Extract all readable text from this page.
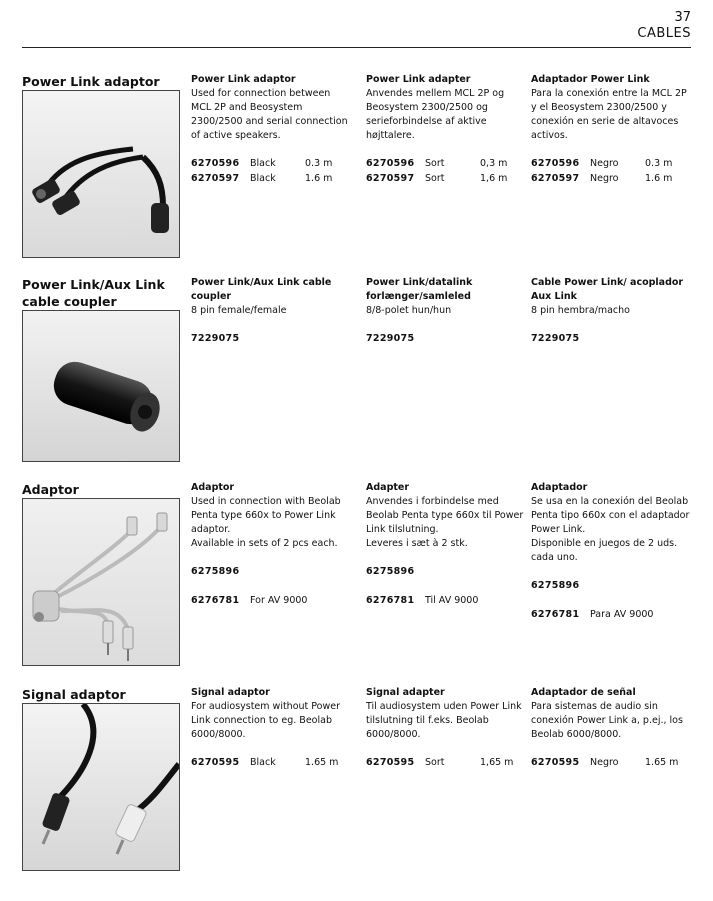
37
CABLES
Power Link adaptor	Power Link adaptor

Used for connection between MCL 2P and Beosystem 2300/2500 and serial connection of active speakers.

6270596 Black	0.3 m
6270597 Black	1.6 m
Power Link adapter

Anvendes mellem MCL 2P og Beosystem 2300/2500 og serieforbindelse af aktive højttalere.

6270596 Sort	0,3 m
6270597 Sort	1,6 m
Adaptador Power Link

Para la conexión entre la MCL 2P y el Beosystem 2300/2500 y conexión en serie de altavoces activos.

6270596 Negro	0.3 m
6270597 Negro	1.6 m
Power Link/Aux Link cable coupler
Power Link/Aux Link cable coupler

8 pin female/female

7229075
Power Link/datalink forlænger/samleled

8/8-polet hun/hun

7229075
Cable Power Link/ acoplador Aux Link

8 pin hembra/macho

7229075
Adaptor	Adaptor

Used in connection with Beolab Penta type 660x to Power Link adaptor.

Available in sets of 2 pcs each.

6275896
6276781 For AV 9000
Adapter

Anvendes i forbindelse med Beolab Penta type 660x til Power Link tilslutning.

Leveres i sæt à 2 stk.

6275896
6276781 Til AV 9000
Adaptador

Se usa en la conexión del Beolab Penta tipo 660x con el adaptador Power Link.

Disponible en juegos de 2 uds. cada uno.

6275896
6276781 Para AV 9000
Signal adaptor	Signal adaptor

For audiosystem without Power Link connection to eg. Beolab 6000/8000.

6270595 Black	1.65 m
Signal adapter

Til audiosystem uden Power Link tilslutning til f.eks. Beolab 6000/8000.

6270595 Sort	1,65 m
Adaptador de señal

Para sistemas de audio sin conexión Power Link a, p.ej., los Beolab 6000/8000.

6270595 Negro	1.65 m
